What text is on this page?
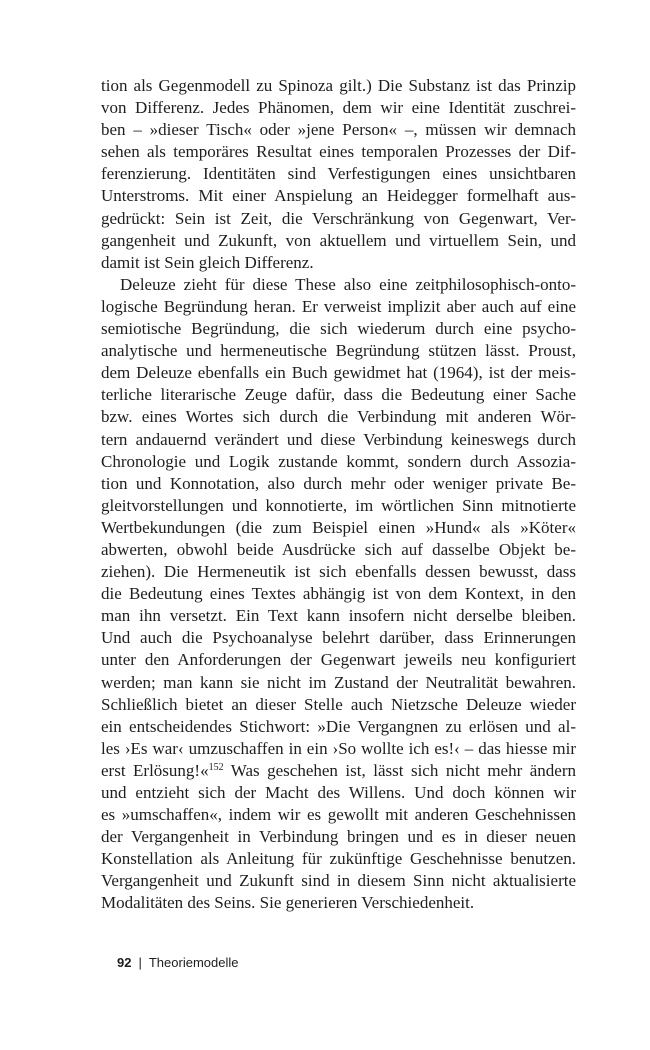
tion als Gegenmodell zu Spinoza gilt.) Die Substanz ist das Prinzip
von Differenz. Jedes Phänomen, dem wir eine Identität zuschrei-
ben – »dieser Tisch« oder »jene Person« –, müssen wir demnach
sehen als temporäres Resultat eines temporalen Prozesses der Dif-
ferenzierung. Identitäten sind Verfestigungen eines unsichtbaren
Unterstroms. Mit einer Anspielung an Heidegger formelhaft aus-
gedrückt: Sein ist Zeit, die Verschränkung von Gegenwart, Ver-
gangenheit und Zukunft, von aktuellem und virtuellem Sein, und
damit ist Sein gleich Differenz.
Deleuze zieht für diese These also eine zeitphilosophisch-onto-
logische Begründung heran. Er verweist implizit aber auch auf eine
semiotische Begründung, die sich wiederum durch eine psycho-
analytische und hermeneutische Begründung stützen lässt. Proust,
dem Deleuze ebenfalls ein Buch gewidmet hat (1964), ist der meis-
terliche literarische Zeuge dafür, dass die Bedeutung einer Sache
bzw. eines Wortes sich durch die Verbindung mit anderen Wör-
tern andauernd verändert und diese Verbindung keineswegs durch
Chronologie und Logik zustande kommt, sondern durch Assozia-
tion und Konnotation, also durch mehr oder weniger private Be-
gleitvorstellungen und konnotierte, im wörtlichen Sinn mitnotierte
Wertbekundungen (die zum Beispiel einen »Hund« als »Köter«
abwerten, obwohl beide Ausdrücke sich auf dasselbe Objekt be-
ziehen). Die Hermeneutik ist sich ebenfalls dessen bewusst, dass
die Bedeutung eines Textes abhängig ist von dem Kontext, in den
man ihn versetzt. Ein Text kann insofern nicht derselbe bleiben.
Und auch die Psychoanalyse belehrt darüber, dass Erinnerungen
unter den Anforderungen der Gegenwart jeweils neu konfiguriert
werden; man kann sie nicht im Zustand der Neutralität bewahren.
Schließlich bietet an dieser Stelle auch Nietzsche Deleuze wieder
ein entscheidendes Stichwort: »Die Vergangnen zu erlösen und al-
les ›Es war‹ umzuschaffen in ein ›So wollte ich es!‹ – das hiesse mir
erst Erlösung!«$^{152}$ Was geschehen ist, lässt sich nicht mehr ändern
und entzieht sich der Macht des Willens. Und doch können wir
es »umschaffen«, indem wir es gewollt mit anderen Geschehnissen
der Vergangenheit in Verbindung bringen und es in dieser neuen
Konstellation als Anleitung für zukünftige Geschehnisse benutzen.
Vergangenheit und Zukunft sind in diesem Sinn nicht aktualisierte
Modalitäten des Seins. Sie generieren Verschiedenheit.
92 | Theoriemodelle
